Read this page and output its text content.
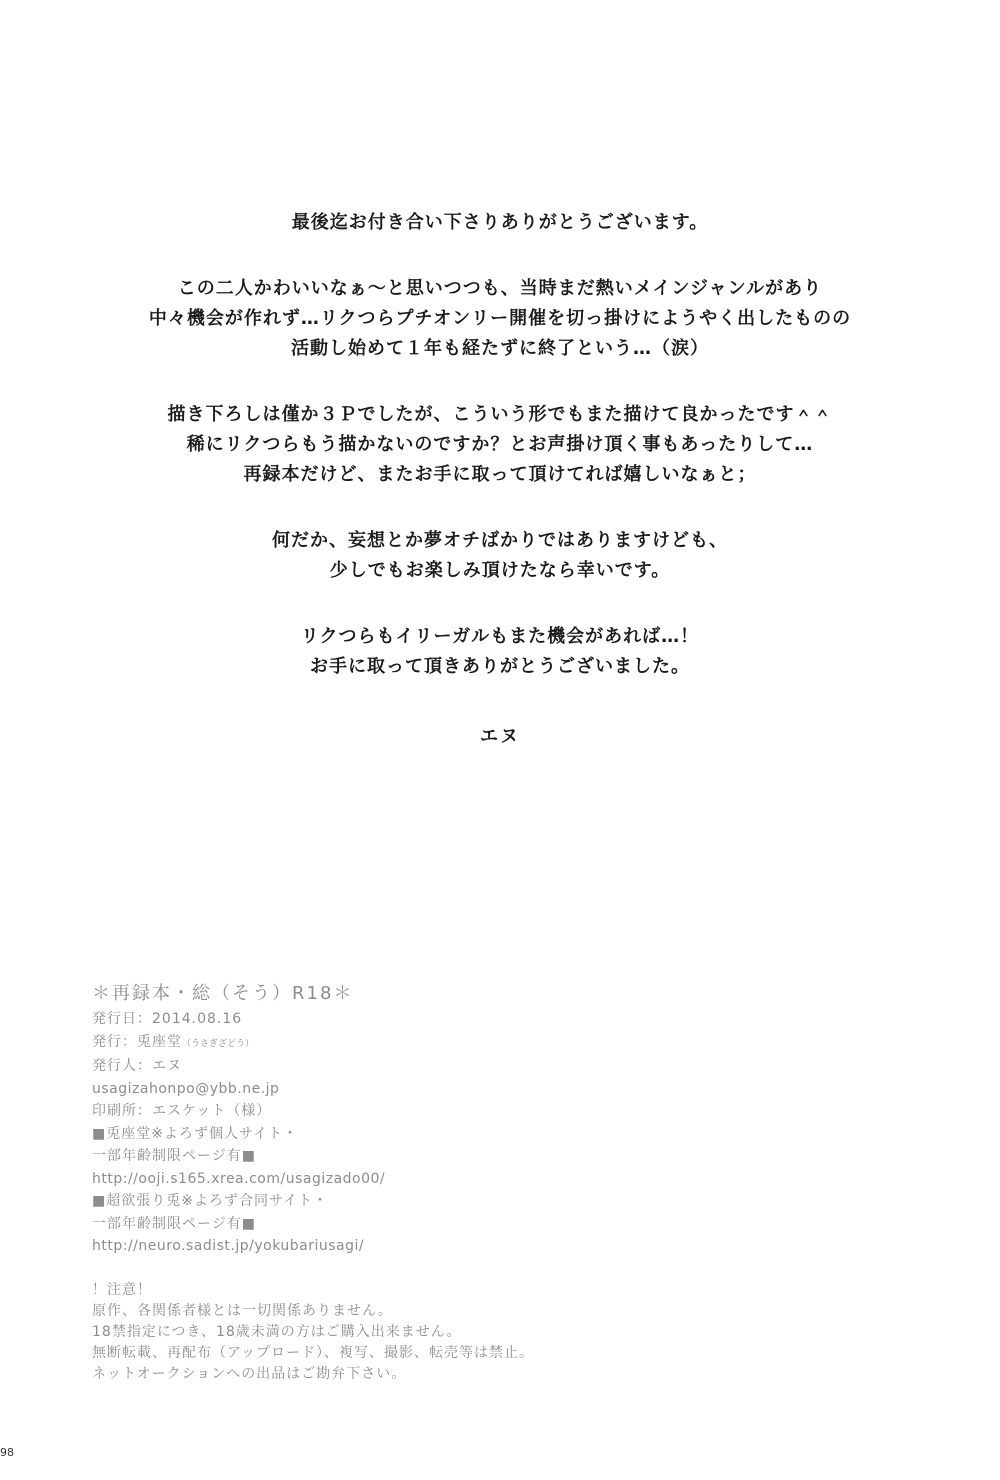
最後迄お付き合い下さりありがとうございます。
この二人かわいいなぁ～と思いつつも、当時まだ熱いメインジャンルがあり
中々機会が作れず…リクつらプチオンリー開催を切っ掛けにようやく出したものの
活動し始めて１年も経たずに終了という…（涙）
描き下ろしは僅か３Ｐでしたが、こういう形でもまた描けて良かったです＾＾
稀にリクつらもう描かないのですか？とお声掛け頂く事もあったりして…
再録本だけど、またお手に取って頂けてれば嬉しいなぁと；
何だか、妄想とか夢オチばかりではありますけども、
少しでもお楽しみ頂けたなら幸いです。
リクつらもイリーガルもまた機会があれば…！
お手に取って頂きありがとうございました。
エヌ
＊再録本・総（そう）R18＊
発行日：2014.08.16
発行：兎座堂（うさぎざどう）
発行人：エヌ
usagizahonpo@ybb.ne.jp
印刷所：エスケット（様）
■兎座堂※よろず個人サイト・
一部年齢制限ページ有■
http://ooji.s165.xrea.com/usagizado00/
■超欲張り兎※よろず合同サイト・
一部年齢制限ページ有■
http://neuro.sadist.jp/yokubariusagi/
！注意！
原作、各関係者様とは一切関係ありません。
18禁指定につき、18歳未満の方はご購入出来ません。
無断転載、再配布（アップロード）、複写、撮影、転売等は禁止。
ネットオークションへの出品はご勘弁下さい。
98
